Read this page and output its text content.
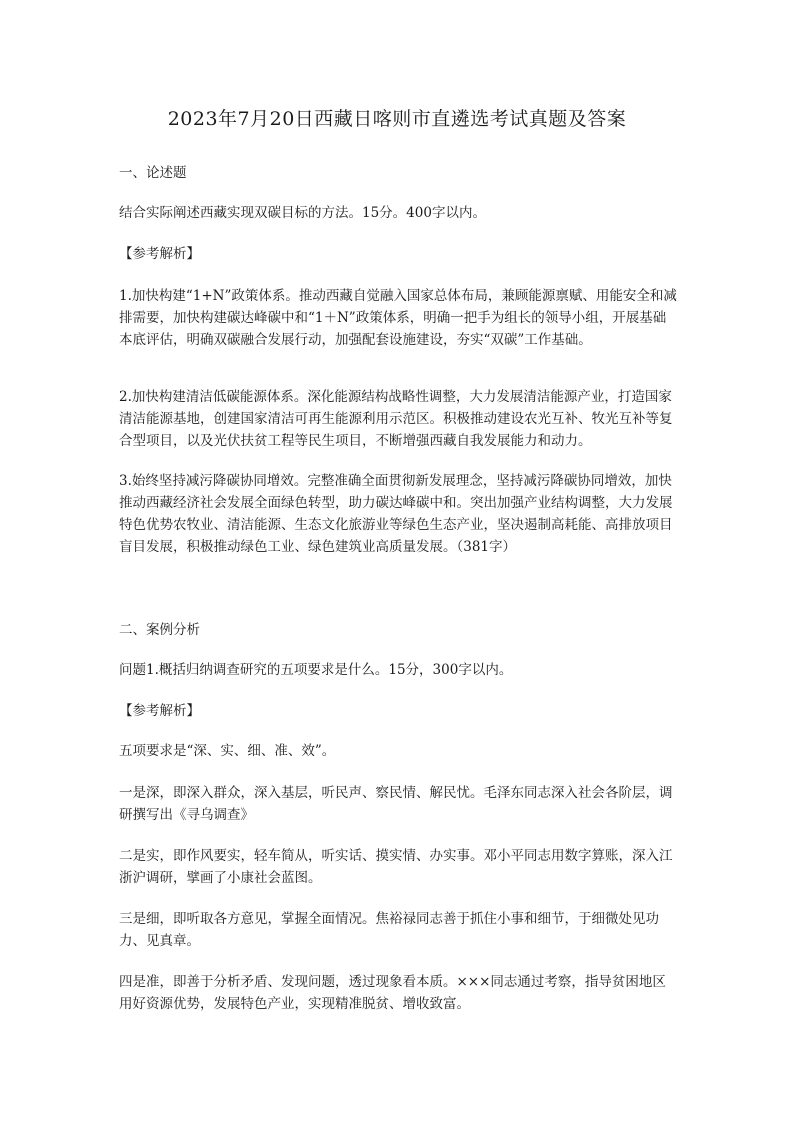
2023年7月20日西藏日喀则市直遴选考试真题及答案

一、论述题

结合实际阐述西藏实现双碳目标的方法。15分。400字以内。

【参考解析】

1.加快构建“1+N”政策体系。推动西藏自觉融入国家总体布局，兼顾能源禀赋、用能安全和减排需要，加快构建碳达峰碳中和“1＋N”政策体系，明确一把手为组长的领导小组，开展基础本底评估，明确双碳融合发展行动，加强配套设施建设，夯实“双碳”工作基础。

2.加快构建清洁低碳能源体系。深化能源结构战略性调整，大力发展清洁能源产业，打造国家清洁能源基地，创建国家清洁可再生能源利用示范区。积极推动建设农光互补、牧光互补等复合型项目，以及光伏扶贫工程等民生项目，不断增强西藏自我发展能力和动力。

3.始终坚持减污降碳协同增效。完整准确全面贯彻新发展理念，坚持减污降碳协同增效，加快推动西藏经济社会发展全面绿色转型，助力碳达峰碳中和。突出加强产业结构调整，大力发展特色优势农牧业、清洁能源、生态文化旅游业等绿色生态产业，坚决遏制高耗能、高排放项目盲目发展，积极推动绿色工业、绿色建筑业高质量发展。（381字）

二、案例分析

问题1.概括归纳调查研究的五项要求是什么。15分，300字以内。

【参考解析】

五项要求是“深、实、细、准、效”。

一是深，即深入群众，深入基层，听民声、察民情、解民忧。毛泽东同志深入社会各阶层，调研撰写出《寻乌调查》

二是实，即作风要实，轻车简从，听实话、摸实情、办实事。邓小平同志用数字算账，深入江浙沪调研，擘画了小康社会蓝图。

三是细，即听取各方意见，掌握全面情况。焦裕禄同志善于抓住小事和细节，于细微处见功力、见真章。

四是准，即善于分析矛盾、发现问题，透过现象看本质。×××同志通过考察，指导贫困地区用好资源优势，发展特色产业，实现精准脱贫、增收致富。
